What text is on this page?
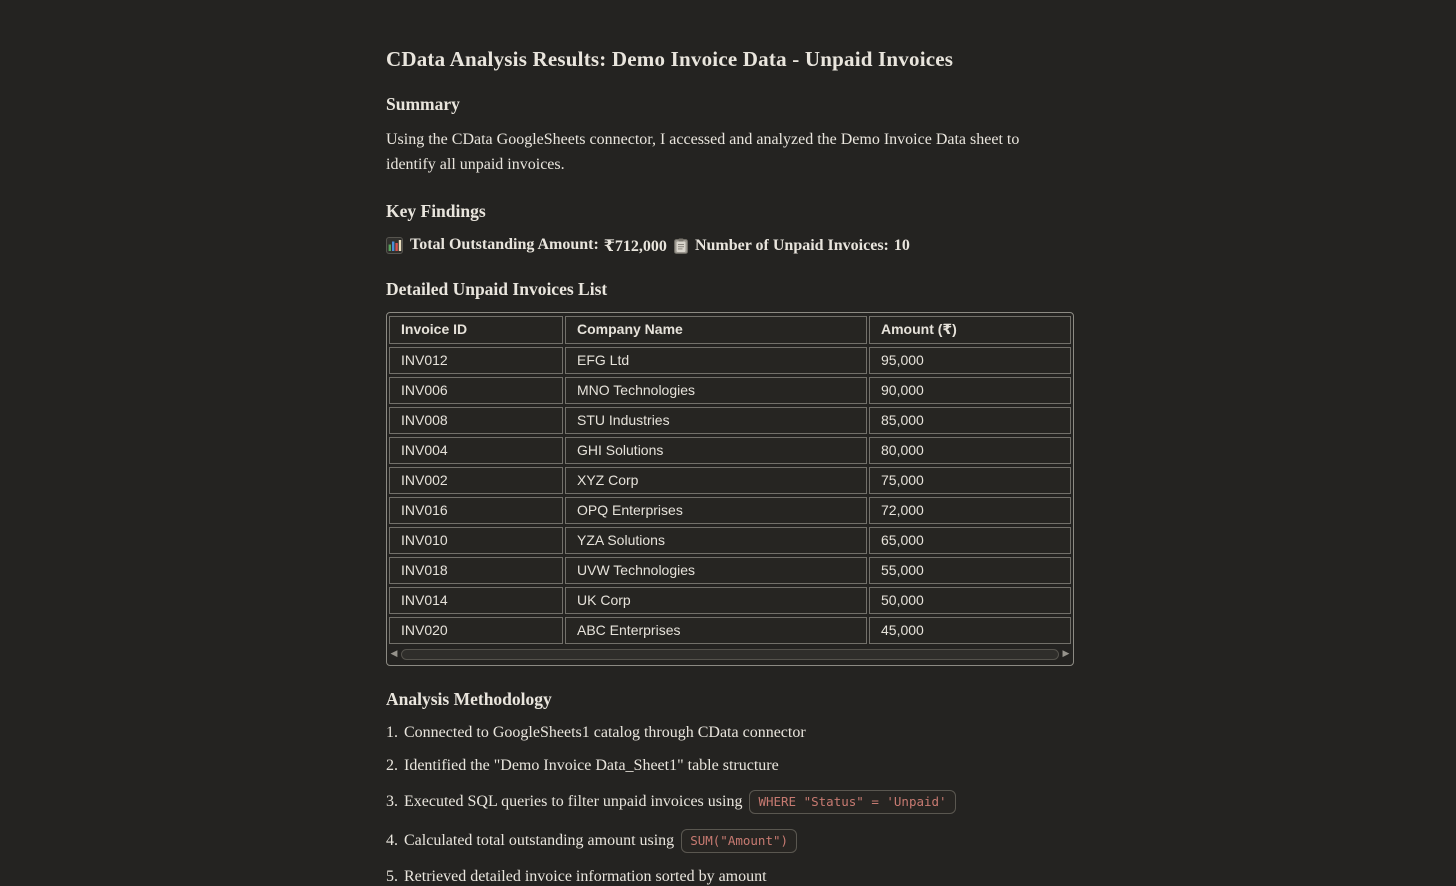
CData Analysis Results: Demo Invoice Data - Unpaid Invoices
Summary

Using the CData GoogleSheets connector, I accessed and analyzed the Demo Invoice Data sheet to identify all unpaid invoices.

Key Findings
Total Outstanding Amount: ₹712,000 Number of Unpaid Invoices: 10
Detailed Unpaid Invoices List
Invoice ID	Company Name	Amount (₹)
INV012	EFG Ltd	95,000
INV006	MNO Technologies	90,000
INV008	STU Industries	85,000
INV004	GHI Solutions	80,000
INV002	XYZ Corp	75,000
INV016	OPQ Enterprises	72,000
INV010	YZA Solutions	65,000
INV018	UVW Technologies	55,000
INV014	UK Corp	50,000
INV020	ABC Enterprises	45,000
◀	▶
Analysis Methodology
1. Connected to GoogleSheets1 catalog through CData connector
2. Identified the "Demo Invoice Data_Sheet1" table structure
3. Executed SQL queries to filter unpaid invoices using	WHERE "Status" = 'Unpaid'
4. Calculated total outstanding amount using	SUM("Amount")
5. Retrieved detailed invoice information sorted by amount
